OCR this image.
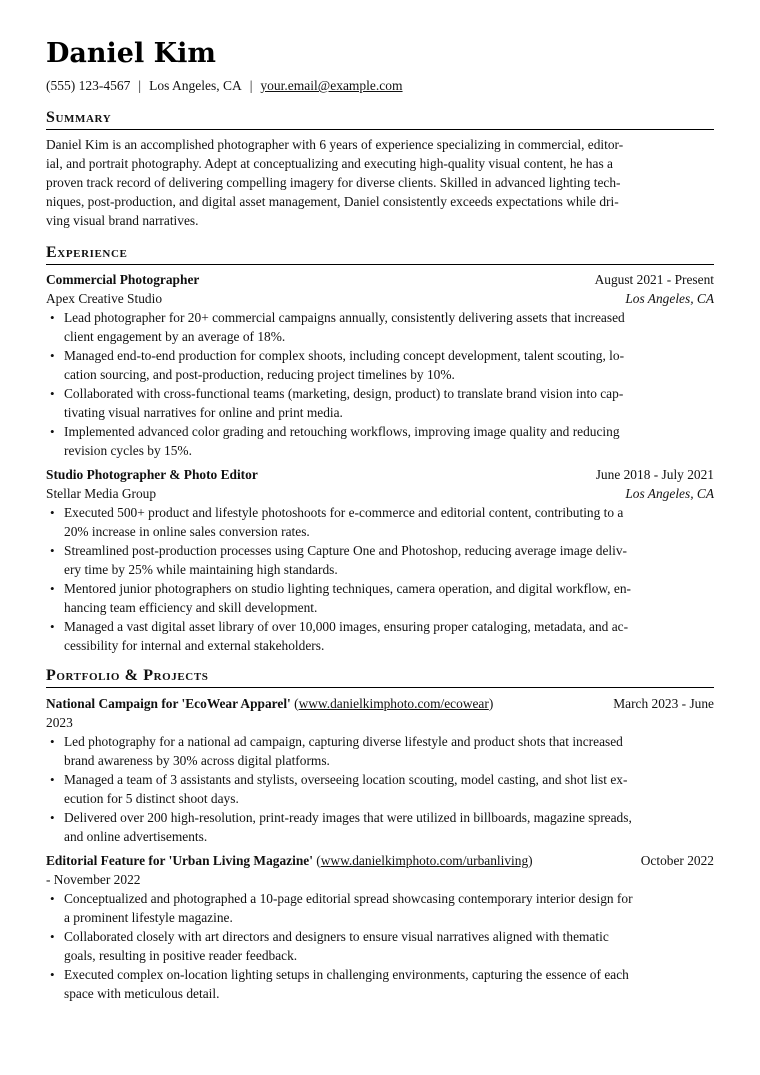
Daniel Kim
(555) 123-4567 | Los Angeles, CA | your.email@example.com
Summary
Daniel Kim is an accomplished photographer with 6 years of experience specializing in commercial, editor-
ial, and portrait photography. Adept at conceptualizing and executing high-quality visual content, he has a
proven track record of delivering compelling imagery for diverse clients. Skilled in advanced lighting tech-
niques, post-production, and digital asset management, Daniel consistently exceeds expectations while dri-
ving visual brand narratives.
Experience
Commercial Photographer	August 2021 - Present
Apex Creative Studio	Los Angeles, CA
• Lead photographer for 20+ commercial campaigns annually, consistently delivering assets that increased
client engagement by an average of 18%.
• Managed end-to-end production for complex shoots, including concept development, talent scouting, lo-
cation sourcing, and post-production, reducing project timelines by 10%.
• Collaborated with cross-functional teams (marketing, design, product) to translate brand vision into cap-
tivating visual narratives for online and print media.
• Implemented advanced color grading and retouching workflows, improving image quality and reducing
revision cycles by 15%.
Studio Photographer & Photo Editor	June 2018 - July 2021
Stellar Media Group	Los Angeles, CA
• Executed 500+ product and lifestyle photoshoots for e-commerce and editorial content, contributing to a
20% increase in online sales conversion rates.
• Streamlined post-production processes using Capture One and Photoshop, reducing average image deliv-
ery time by 25% while maintaining high standards.
• Mentored junior photographers on studio lighting techniques, camera operation, and digital workflow, en-
hancing team efficiency and skill development.
• Managed a vast digital asset library of over 10,000 images, ensuring proper cataloging, metadata, and ac-
cessibility for internal and external stakeholders.
Portfolio & Projects
National Campaign for 'EcoWear Apparel' (www.danielkimphoto.com/ecowear)	March 2023 - June
2023
• Led photography for a national ad campaign, capturing diverse lifestyle and product shots that increased
brand awareness by 30% across digital platforms.
• Managed a team of 3 assistants and stylists, overseeing location scouting, model casting, and shot list ex-
ecution for 5 distinct shoot days.
• Delivered over 200 high-resolution, print-ready images that were utilized in billboards, magazine spreads,
and online advertisements.
Editorial Feature for 'Urban Living Magazine' (www.danielkimphoto.com/urbanliving)	October 2022
- November 2022
• Conceptualized and photographed a 10-page editorial spread showcasing contemporary interior design for
a prominent lifestyle magazine.
• Collaborated closely with art directors and designers to ensure visual narratives aligned with thematic
goals, resulting in positive reader feedback.
• Executed complex on-location lighting setups in challenging environments, capturing the essence of each
space with meticulous detail.
